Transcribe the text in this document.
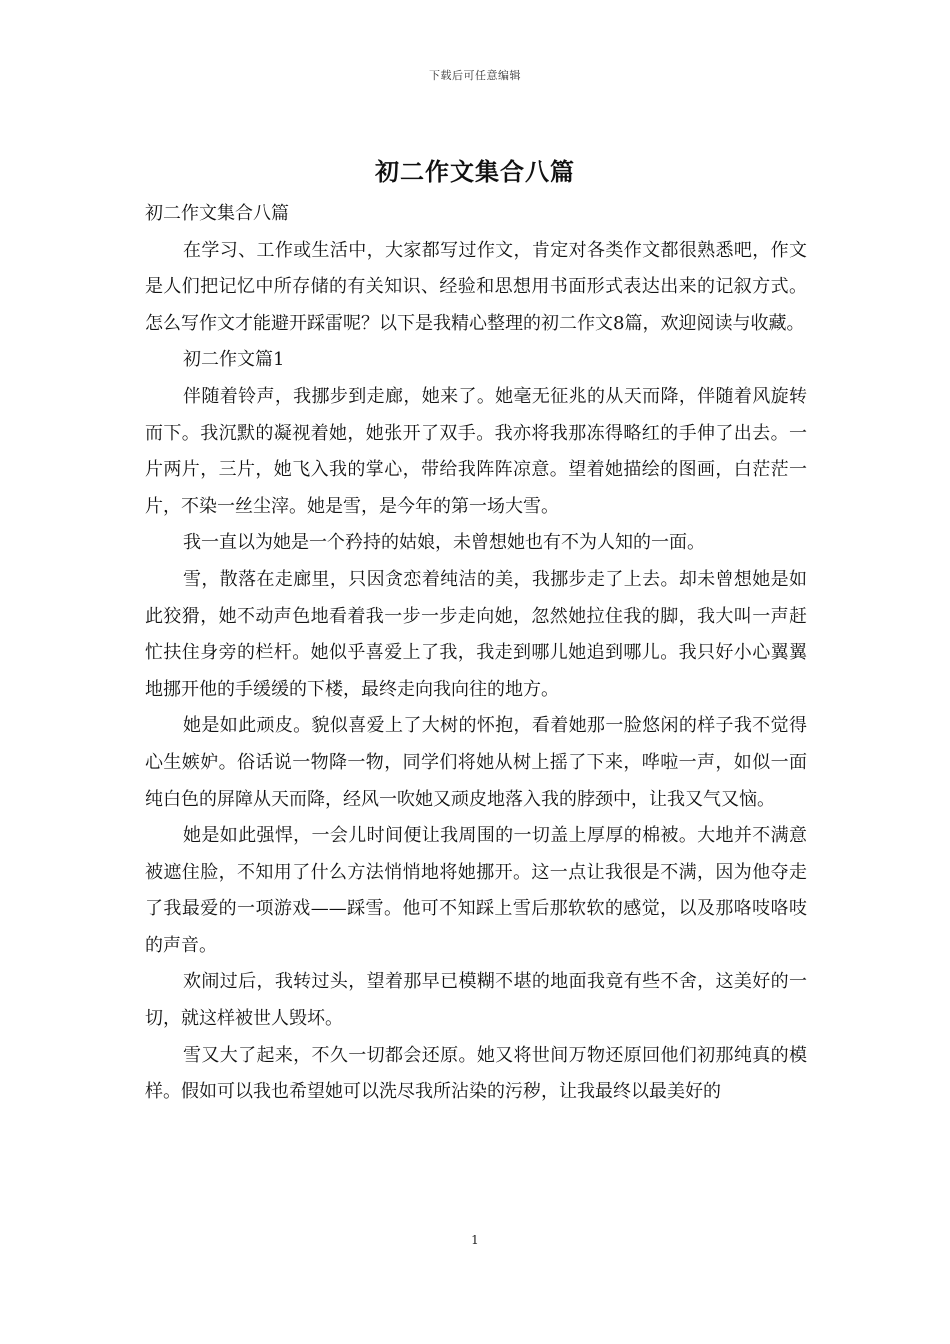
下载后可任意编辑
初二作文集合八篇

初二作文集合八篇

在学习、工作或生活中，大家都写过作文，肯定对各类作文都很熟悉吧，作文是人们把记忆中所存储的有关知识、经验和思想用书面形式表达出来的记叙方式。怎么写作文才能避开踩雷呢？以下是我精心整理的初二作文8篇，欢迎阅读与收藏。

初二作文篇1

伴随着铃声，我挪步到走廊，她来了。她毫无征兆的从天而降，伴随着风旋转而下。我沉默的凝视着她，她张开了双手。我亦将我那冻得略红的手伸了出去。一片两片，三片，她飞入我的掌心，带给我阵阵凉意。望着她描绘的图画，白茫茫一片，不染一丝尘滓。她是雪，是今年的第一场大雪。

我一直以为她是一个矜持的姑娘，未曾想她也有不为人知的一面。

雪，散落在走廊里，只因贪恋着纯洁的美，我挪步走了上去。却未曾想她是如此狡猾，她不动声色地看着我一步一步走向她，忽然她拉住我的脚，我大叫一声赶忙扶住身旁的栏杆。她似乎喜爱上了我，我走到哪儿她追到哪儿。我只好小心翼翼地挪开他的手缓缓的下楼，最终走向我向往的地方。

她是如此顽皮。貌似喜爱上了大树的怀抱，看着她那一脸悠闲的样子我不觉得心生嫉妒。俗话说一物降一物，同学们将她从树上摇了下来，哗啦一声，如似一面纯白色的屏障从天而降，经风一吹她又顽皮地落入我的脖颈中，让我又气又恼。

她是如此强悍，一会儿时间便让我周围的一切盖上厚厚的棉被。大地并不满意被遮住脸，不知用了什么方法悄悄地将她挪开。这一点让我很是不满，因为他夺走了我最爱的一项游戏——踩雪。他可不知踩上雪后那软软的感觉，以及那咯吱咯吱的声音。

欢闹过后，我转过头，望着那早已模糊不堪的地面我竟有些不舍，这美好的一切，就这样被世人毁坏。

雪又大了起来，不久一切都会还原。她又将世间万物还原回他们初那纯真的模样。假如可以我也希望她可以洗尽我所沾染的污秽，让我最终以最美好的

1
